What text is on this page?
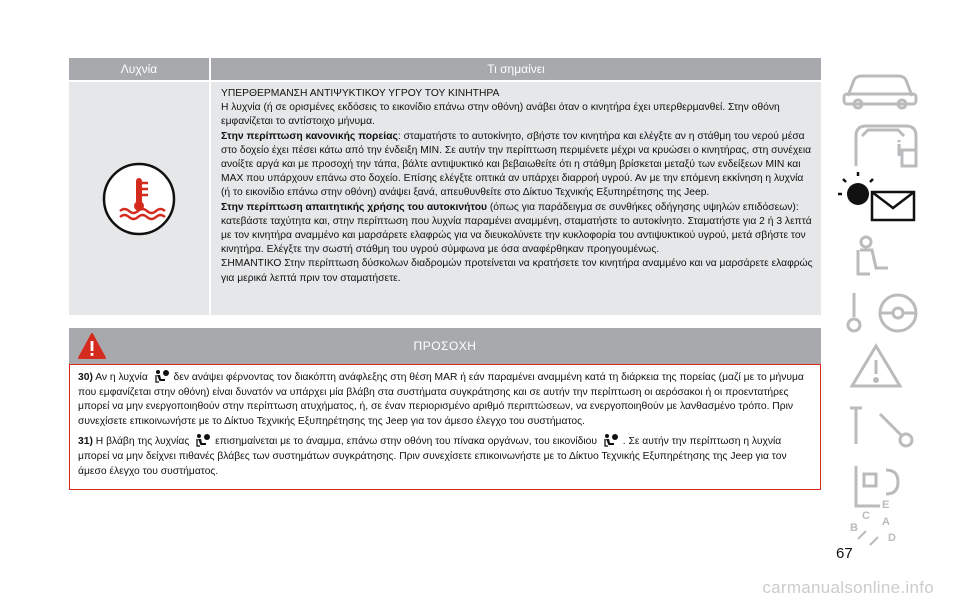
Λυχνία	Τι σημαίνει

ΥΠΕΡΘΕΡΜΑΝΣΗ ΑΝΤΙΨΥΚΤΙΚΟΥ ΥΓΡΟΥ ΤΟΥ ΚΙΝΗΤΗΡΑ

Η λυχνία (ή σε ορισμένες εκδόσεις το εικονίδιο επάνω στην οθόνη) ανάβει όταν ο κινητήρα έχει υπερθερμανθεί. Στην οθόνη εμφανίζεται το αντίστοιχο μήνυμα.

Στην περίπτωση κανονικής πορείας: σταματήστε το αυτοκίνητο, σβήστε τον κινητήρα και ελέγξτε αν η στάθμη του νερού μέσα στο δοχείο έχει πέσει κάτω από την ένδειξη MIN. Σε αυτήν την περίπτωση περιμένετε μέχρι να κρυώσει ο κινητήρας, στη συνέχεια ανοίξτε αργά και με προσοχή την τάπα, βάλτε αντιψυκτικό και βεβαιωθείτε ότι η στάθμη βρίσκεται μεταξύ των ενδείξεων MIN και MAX που υπάρχουν επάνω στο δοχείο. Επίσης ελέγξτε οπτικά αν υπάρχει διαρροή υγρού. Αν με την επόμενη εκκίνηση η λυχνία (ή το εικονίδιο επάνω στην οθόνη) ανάψει ξανά, απευθυνθείτε στο Δίκτυο Τεχνικής Εξυπηρέτησης της Jeep.

Στην περίπτωση απαιτητικής χρήσης του αυτοκινήτου (όπως για παράδειγμα σε συνθήκες οδήγησης υψηλών επιδόσεων): κατεβάστε ταχύτητα και, στην περίπτωση που λυχνία παραμένει αναμμένη, σταματήστε το αυτοκίνητο. Σταματήστε για 2 ή 3 λεπτά με τον κινητήρα αναμμένο και μαρσάρετε ελαφρώς για να διευκολύνετε την κυκλοφορία του αντιψυκτικού υγρού, μετά σβήστε τον κινητήρα. Ελέγξτε την σωστή στάθμη του υγρού σύμφωνα με όσα αναφέρθηκαν προηγουμένως.

ΣΗΜΑΝΤΙΚΟ Στην περίπτωση δύσκολων διαδρομών προτείνεται να κρατήσετε τον κινητήρα αναμμένο και να μαρσάρετε ελαφρώς για μερικά λεπτά πριν τον σταματήσετε.

ΠΡΟΣΟΧΗ

30) Αν η λυχνία	δεν ανάψει φέρνοντας τον διακόπτη ανάφλεξης στη θέση MAR ή εάν παραμένει αναμμένη κατά τη διάρκεια της πορείας (μαζί με το μήνυμα που εμφανίζεται στην οθόνη) είναι δυνατόν να υπάρχει μία βλάβη στα συστήματα συγκράτησης και σε αυτήν την περίπτωση οι αερόσακοι ή οι προεντατήρες μπορεί να μην ενεργοποιηθούν στην περίπτωση ατυχήματος, ή, σε έναν περιορισμένο αριθμό περιπτώσεων, να ενεργοποιηθούν με λανθασμένο τρόπο. Πριν συνεχίσετε επικοινωνήστε με το Δίκτυο Τεχνικής Εξυπηρέτησης της Jeep για τον άμεσο έλεγχο του συστήματος.

31) Η βλάβη της λυχνίας	επισημαίνεται με το άναμμα, επάνω στην οθόνη του πίνακα οργάνων, του εικονίδιου	. Σε αυτήν την περίπτωση η λυχνία μπορεί να μην δείχνει πιθανές βλάβες των συστημάτων συγκράτησης. Πριν συνεχίσετε επικοινωνήστε με το Δίκτυο Τεχνικής Εξυπηρέτησης της Jeep για τον άμεσο έλεγχο του συστήματος.

i
E
C
B A
D
67
carmanualsonline.info
